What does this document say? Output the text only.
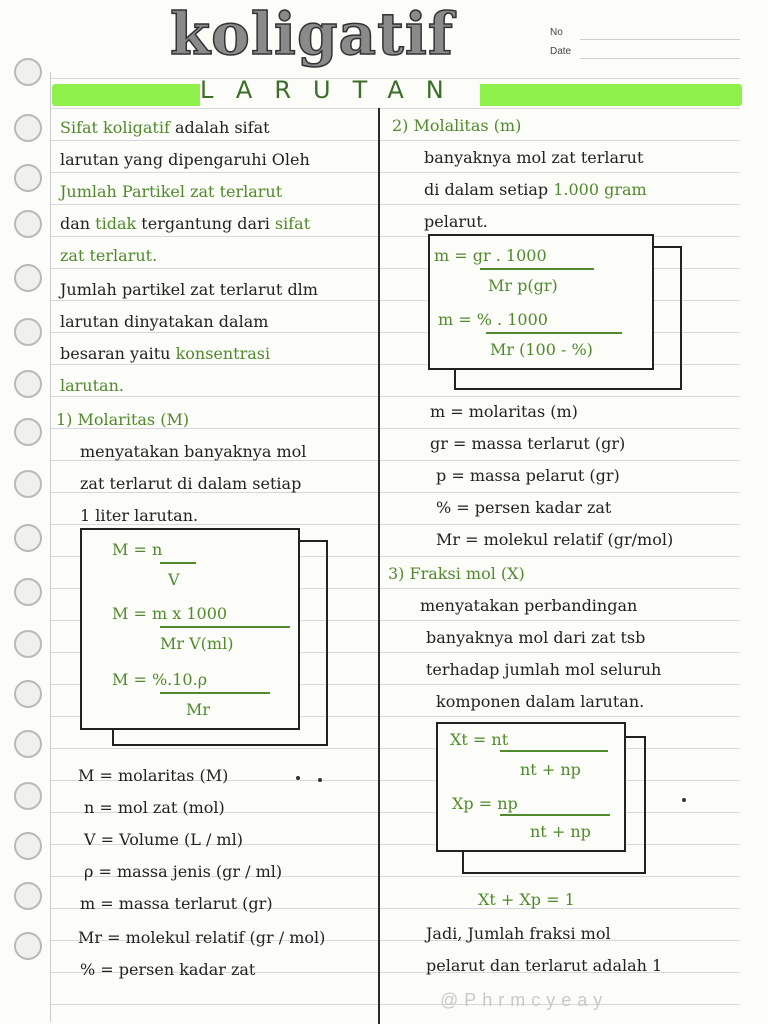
koligatif	No
Date
LARUTAN
Sifat koligatif adalah sifat
larutan yang dipengaruhi Oleh
Jumlah Partikel zat terlarut
dan tidak tergantung dari sifat
zat terlarut.
Jumlah partikel zat terlarut dlm
larutan dinyatakan dalam
besaran yaitu konsentrasi
larutan.
1) Molaritas (M)
menyatakan banyaknya mol
zat terlarut di dalam setiap
1 liter larutan.
M = n
V
M = m x 1000
Mr V(ml)
M = %.10.ρ
Mr
M = molaritas (M)
n = mol zat (mol)
V = Volume (L / ml)
ρ = massa jenis (gr / ml)
m = massa terlarut (gr)
Mr = molekul relatif (gr / mol)
% = persen kadar zat
2) Molalitas (m)
banyaknya mol zat terlarut
di dalam setiap 1.000 gram
pelarut.
m = gr . 1000
Mr p(gr)
m = % . 1000
Mr (100 - %)
m = molaritas (m)
gr = massa terlarut (gr)
p = massa pelarut (gr)
% = persen kadar zat
Mr = molekul relatif (gr/mol)
3) Fraksi mol (X)
menyatakan perbandingan
banyaknya mol dari zat tsb
terhadap jumlah mol seluruh
komponen dalam larutan.
Xt = nt
nt + np
Xp = np
nt + np
Xt + Xp = 1
Jadi, Jumlah fraksi mol
pelarut dan terlarut adalah 1
@Phrmcyeay
